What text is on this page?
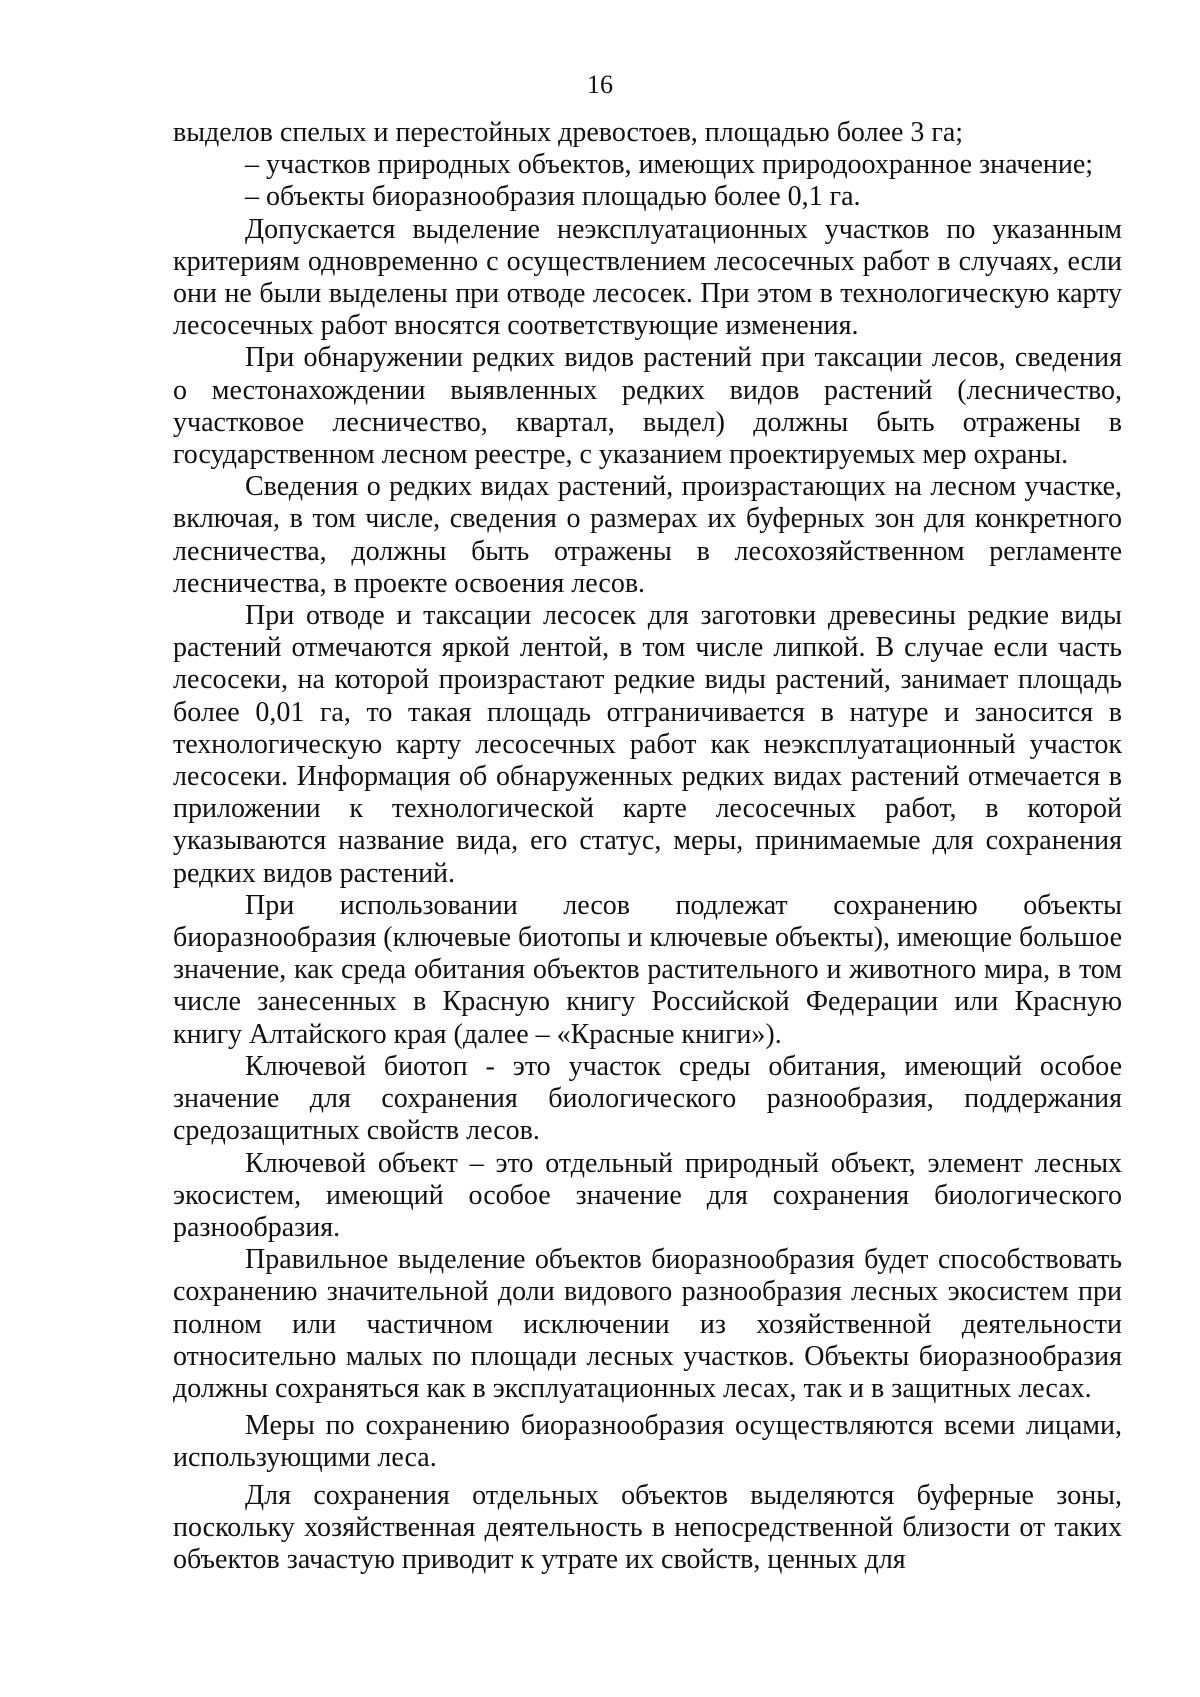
16

выделов спелых и перестойных древостоев, площадью более 3 га;

– участков природных объектов, имеющих природоохранное значение;

– объекты биоразнообразия площадью более 0,1 га.

Допускается выделение неэксплуатационных участков по указанным критериям одновременно с осуществлением лесосечных работ в случаях, если они не были выделены при отводе лесосек. При этом в технологическую карту лесосечных работ вносятся соответствующие изменения.

При обнаружении редких видов растений при таксации лесов, сведения о местонахождении выявленных редких видов растений (лесничество, участковое лесничество, квартал, выдел) должны быть отражены в государственном лесном реестре, с указанием проектируемых мер охраны.

Сведения о редких видах растений, произрастающих на лесном участке, включая, в том числе, сведения о размерах их буферных зон для конкретного лесничества, должны быть отражены в лесохозяйственном регламенте лесничества, в проекте освоения лесов.

При отводе и таксации лесосек для заготовки древесины редкие виды растений отмечаются яркой лентой, в том числе липкой. В случае если часть лесосеки, на которой произрастают редкие виды растений, занимает площадь более 0,01 га, то такая площадь отграничивается в натуре и заносится в технологическую карту лесосечных работ как неэксплуатационный участок лесосеки. Информация об обнаруженных редких видах растений отмечается в приложении к технологической карте лесосечных работ, в которой указываются название вида, его статус, меры, принимаемые для сохранения редких видов растений.

При использовании лесов подлежат сохранению объекты биоразнообразия (ключевые биотопы и ключевые объекты), имеющие большое значение, как среда обитания объектов растительного и животного мира, в том числе занесенных в Красную книгу Российской Федерации или Красную книгу Алтайского края (далее – «Красные книги»).

Ключевой биотоп - это участок среды обитания, имеющий особое значение для сохранения биологического разнообразия, поддержания средозащитных свойств лесов.

Ключевой объект – это отдельный природный объект, элемент лесных экосистем, имеющий особое значение для сохранения биологического разнообразия.

Правильное выделение объектов биоразнообразия будет способствовать сохранению значительной доли видового разнообразия лесных экосистем при полном или частичном исключении из хозяйственной деятельности относительно малых по площади лесных участков. Объекты биоразнообразия должны сохраняться как в эксплуатационных лесах, так и в защитных лесах.

Меры по сохранению биоразнообразия осуществляются всеми лицами, использующими леса.

Для сохранения отдельных объектов выделяются буферные зоны, поскольку хозяйственная деятельность в непосредственной близости от таких объектов зачастую приводит к утрате их свойств, ценных для
